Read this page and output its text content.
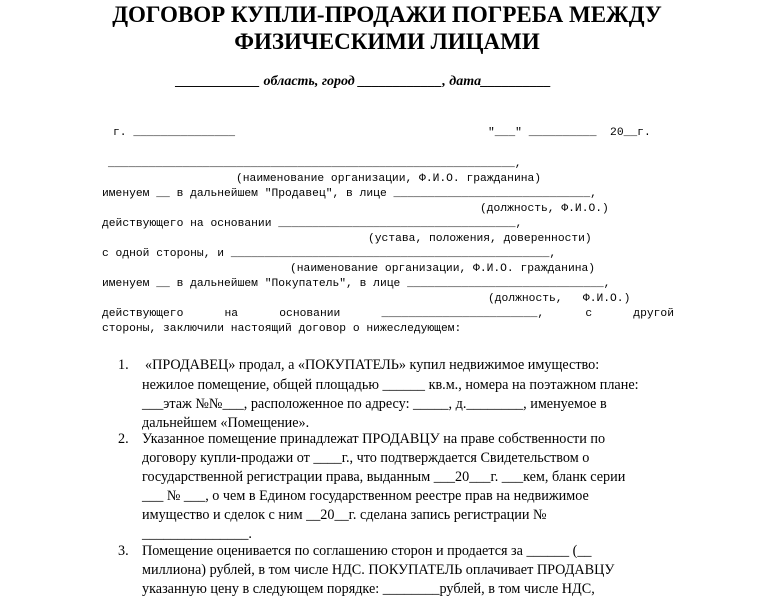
ДОГОВОР КУПЛИ-ПРОДАЖИ ПОГРЕБА МЕЖДУ
ФИЗИЧЕСКИМИ ЛИЦАМИ
____________ область, город ____________, дата__________
г. _______________	"___" __________ 20__г.
____________________________________________________________,
(наименование организации, Ф.И.О. гражданина)
именуем __ в дальнейшем "Продавец", в лице _____________________________,
(должность, Ф.И.О.)
действующего на основании ___________________________________,
(устава, положения, доверенности)
с одной стороны, и _______________________________________________,
(наименование организации, Ф.И.О. гражданина)
именуем __ в дальнейшем "Покупатель", в лице _____________________________,
(должность,   Ф.И.О.)
действующего	на	основании	_______________________,	с	другой
стороны, заключили настоящий договор о нижеследующем:
1. «ПРОДАВЕЦ» продал, а «ПОКУПАТЕЛЬ» купил недвижимое имущество:
нежилое помещение, общей площадью ______ кв.м., номера на поэтажном плане:
___этаж №№___, расположенное по адресу: _____, д.________, именуемое в
дальнейшем «Помещение».
2. Указанное помещение принадлежат ПРОДАВЦУ на праве собственности по
договору купли-продажи от ____г., что подтверждается Свидетельством о
государственной регистрации права, выданным ___20___г. ___кем, бланк серии
___ № ___, о чем в Едином государственном реестре прав на недвижимое
имущество и сделок с ним __20__г. сделана запись регистрации №
_______________.
3. Помещение оценивается по соглашению сторон и продается за ______ (__
миллиона) рублей, в том числе НДС. ПОКУПАТЕЛЬ оплачивает ПРОДАВЦУ
указанную цену в следующем порядке: ________рублей, в том числе НДС,
